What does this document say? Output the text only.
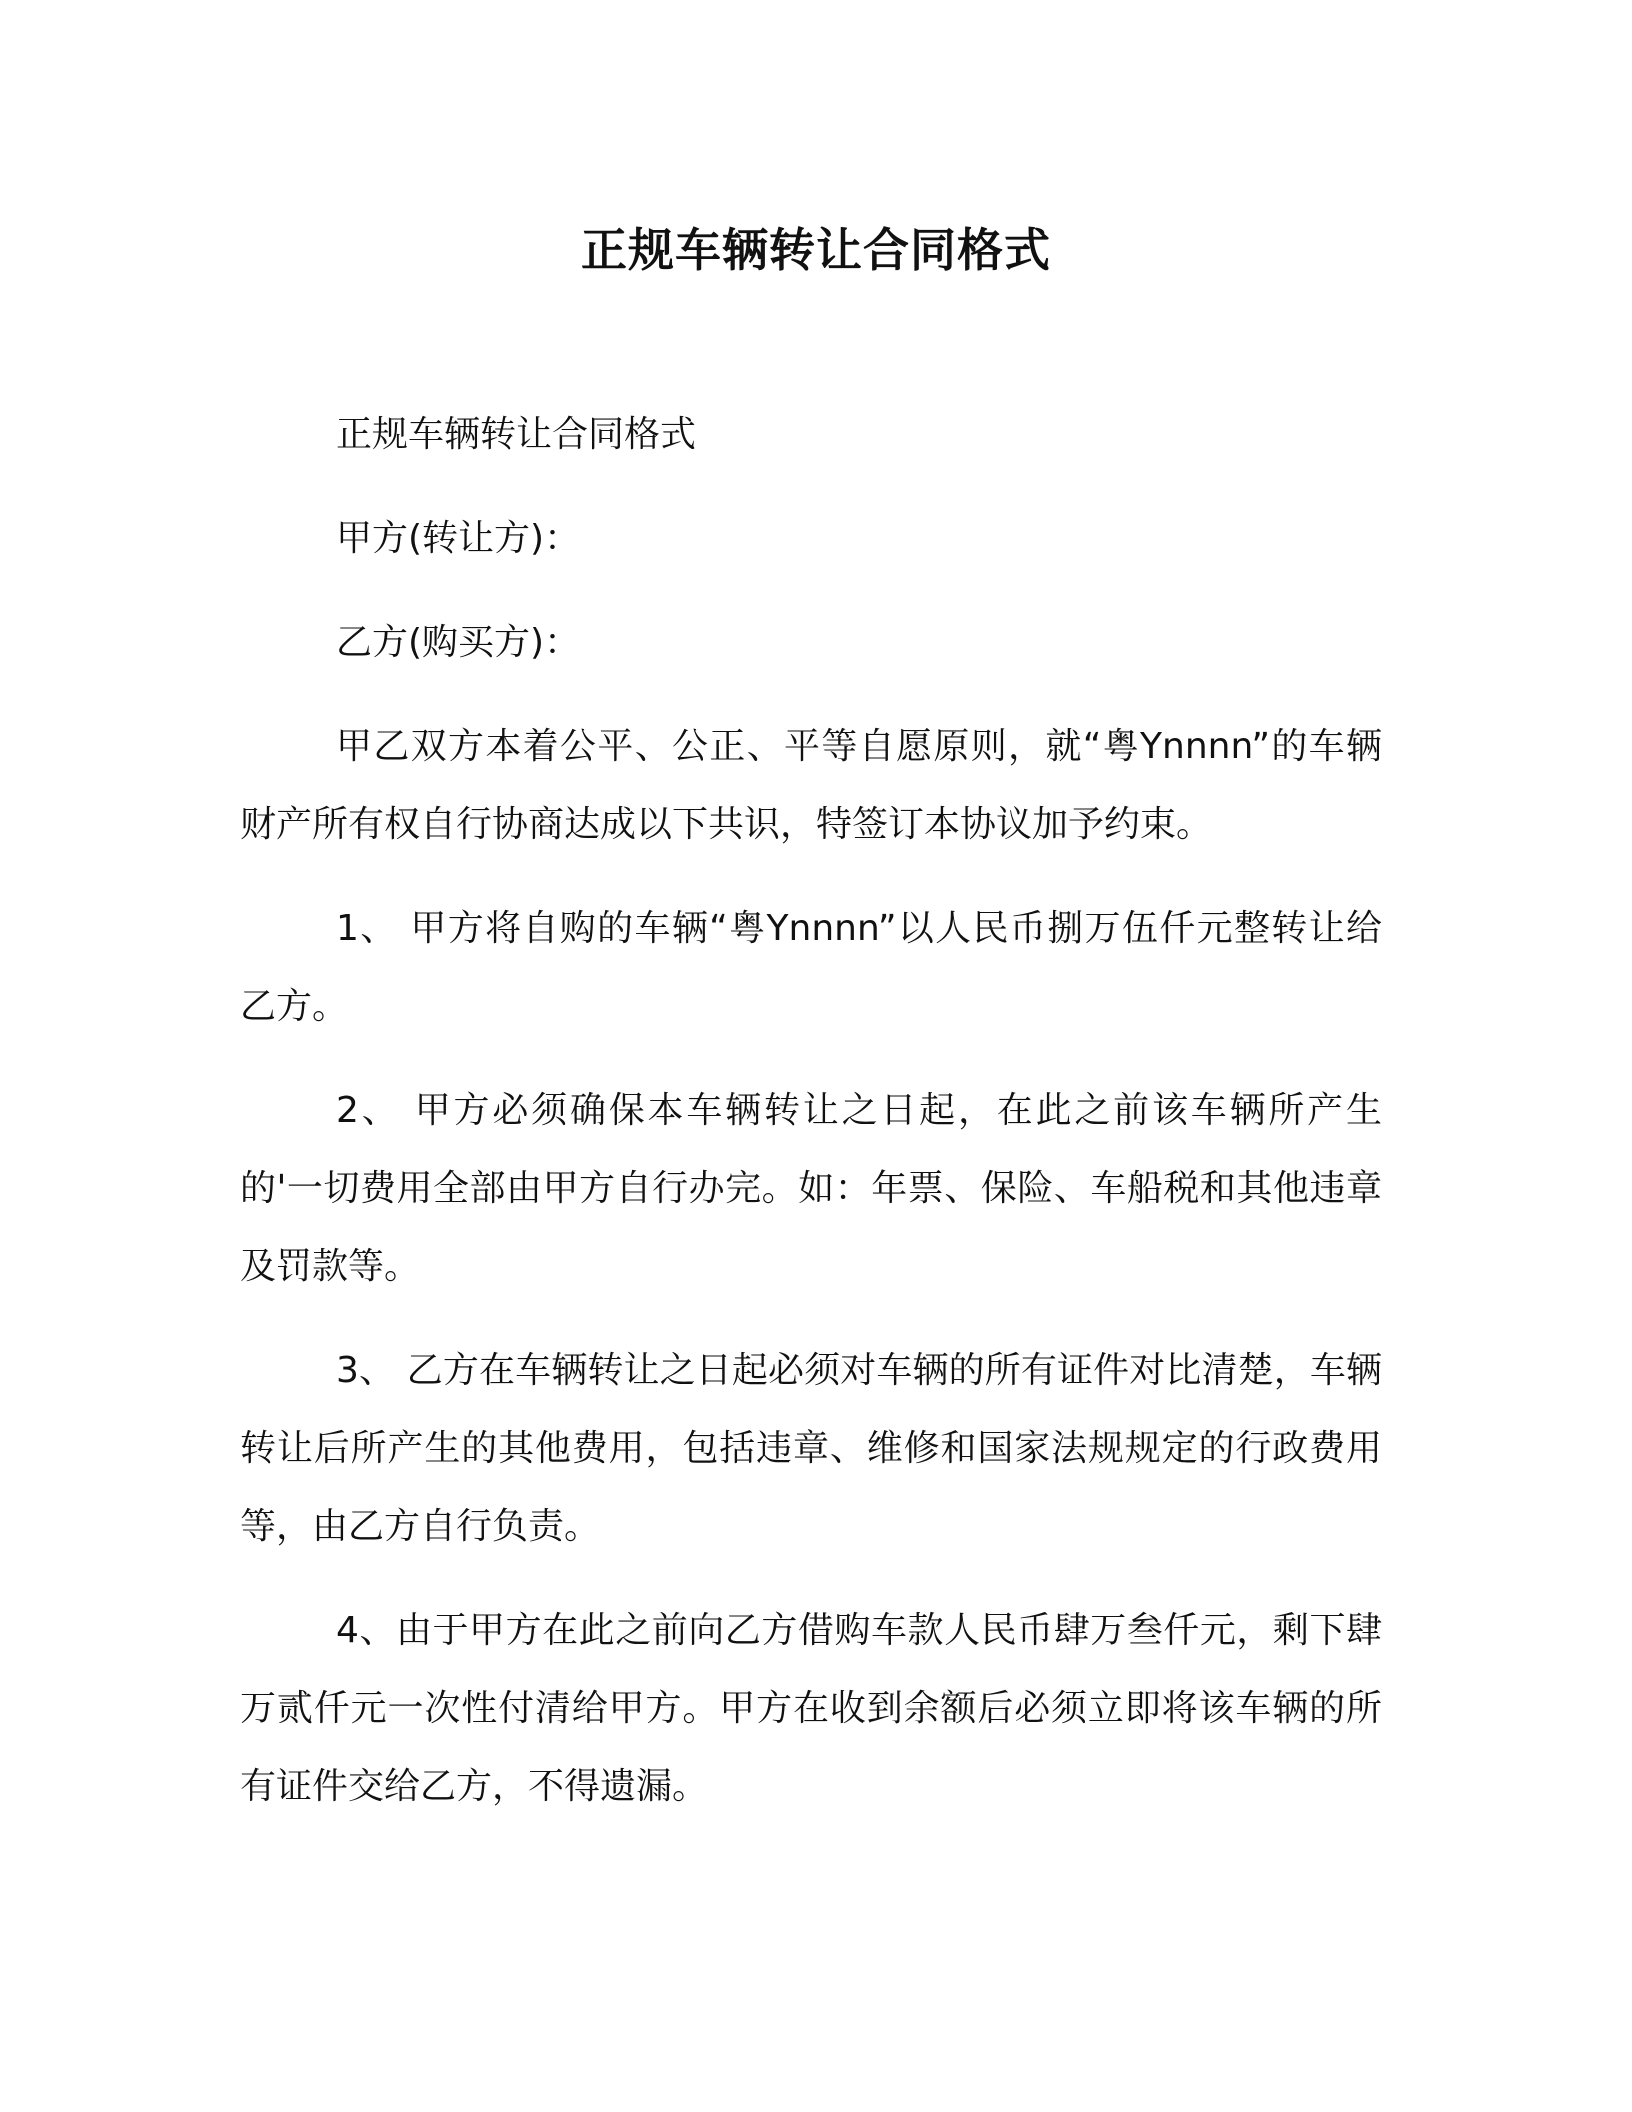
正规车辆转让合同格式

正规车辆转让合同格式

甲方(转让方)：

乙方(购买方)：

甲乙双方本着公平、公正、平等自愿原则，就“粤Ynnnn”的车辆财产所有权自行协商达成以下共识，特签订本协议加予约束。

1、 甲方将自购的车辆“粤Ynnnn”以人民币捌万伍仟元整转让给乙方。

2、 甲方必须确保本车辆转让之日起，在此之前该车辆所产生的'一切费用全部由甲方自行办完。如：年票、保险、车船税和其他违章及罚款等。

3、 乙方在车辆转让之日起必须对车辆的所有证件对比清楚，车辆转让后所产生的其他费用，包括违章、维修和国家法规规定的行政费用等，由乙方自行负责。

4、由于甲方在此之前向乙方借购车款人民币肆万叁仟元，剩下肆万贰仟元一次性付清给甲方。甲方在收到余额后必须立即将该车辆的所有证件交给乙方，不得遗漏。
